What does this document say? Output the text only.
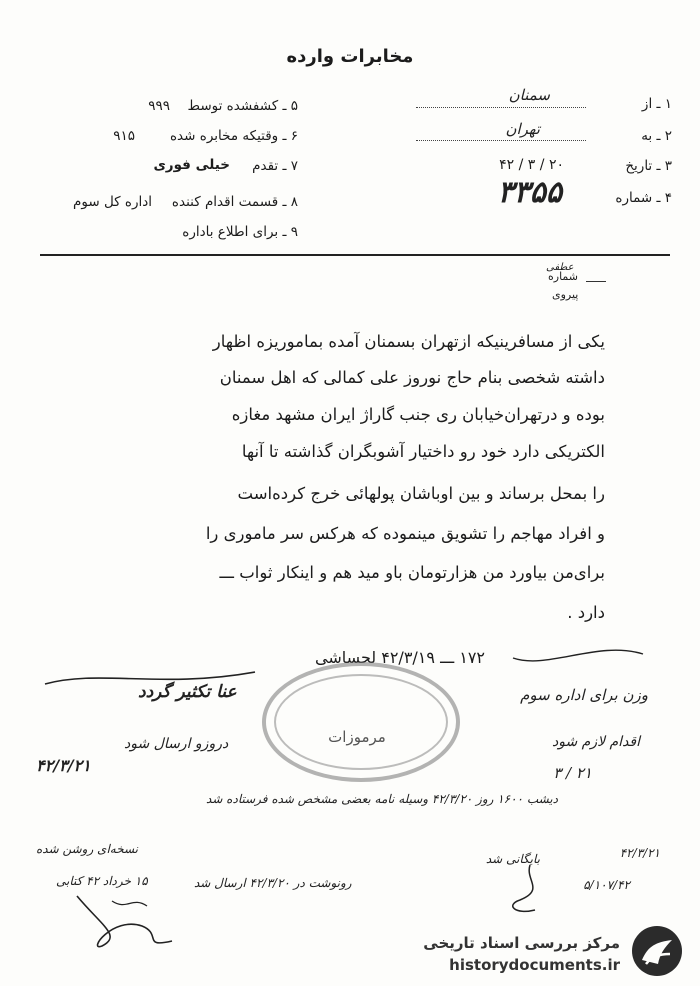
مخابرات وارده
۱ ـ از
سمنان
۲ ـ به
تهران
۳ ـ تاریخ
۲۰ / ۳ / ۴۲
۴ ـ شماره
۳۳۵۵
۵ ـ کشفشده توسط
۹۹۹
۶ ـ وقتیکه مخابره شده
۹۱۵
۷ ـ تقدم
خیلی فوری
۸ ـ قسمت اقدام کننده
اداره کل سوم
۹ ـ برای اطلاع باداره
شماره
عطفی
پیروی
یکی از مسافرینیکه ازتهران بسمنان آمده بماموریزه اظهار
داشته شخصی بنام حاج نوروز علی کمالی که اهل سمنان
بوده و درتهران‌خیابان ری جنب گاراژ ایران مشهد مغازه
الکتریکی دارد خود رو داختیار آشوبگران گذاشته تا آنها
را بمحل برساند و بین اوباشان پولهائی خرج کرده‌است
و افراد مهاجم را تشویق مینموده که هرکس سر ماموری را
برای‌من بیاورد من هزارتومان باو مید هم و اینکار ثواب ـــ
دارد .
۱۷۲ ـــ ۴۲/۳/۱۹ لحساشی
مرموزات
عنا تکثیر گردد
دروزو ارسال شود
۴۲/۳/۲۱
وزن برای اداره سوم
اقدام لازم شود
۲۱ / ۳
دیشب ۱۶۰۰ روز ۴۲/۳/۲۰ وسیله نامه بعضی مشخص شده فرستاده شد
نسخه‌ای روشن شده
۱۵ خرداد ۴۲ کتابی	رونوشت در ۴۲/۳/۲۰ ارسال شد
بایگانی شد	۴۲/۳/۲۱
۵/۱۰۷/۴۲
مرکز بررسی اسناد تاریخی
historydocuments.ir
